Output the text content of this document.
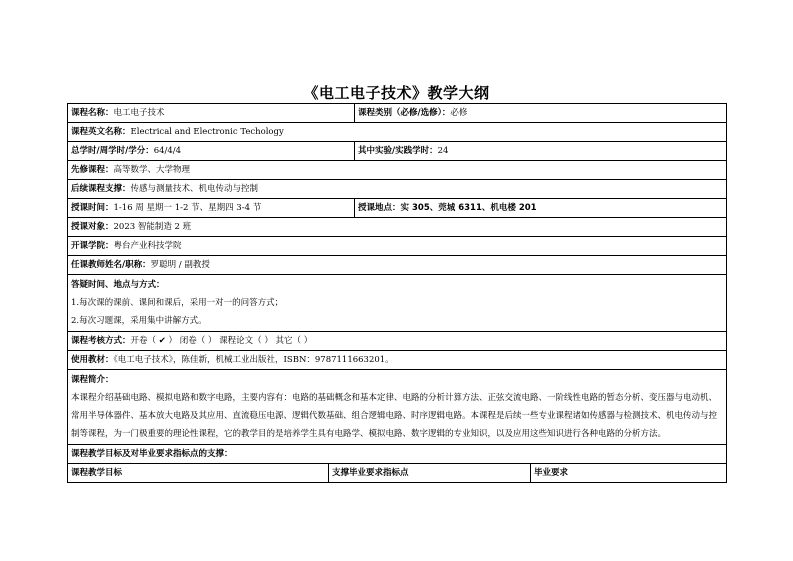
《电工电子技术》教学大纲
课程名称：电工电子技术		课程类别（必修/选修）：必修	
课程英文名称：Electrical and Electronic Techology			
总学时/周学时/学分：64/4/4		其中实验/实践学时：24	
先修课程：高等数学、大学物理			
后续课程支撑：传感与测量技术、机电传动与控制			
授课时间：1-16 周 星期一 1-2 节、星期四 3-4 节		授课地点：实 305、莞城 6311、机电楼 201	
授课对象：2023 智能制造 2 班			
开课学院：粤台产业科技学院			
任课教师姓名/职称：罗聪明 / 副教授			

答疑时间、地点与方式：
1.每次课的课前、课间和课后，采用一对一的问答方式；
2.每次习题课，采用集中讲解方式。			

课程考核方式：开卷（ ✔ ） 闭卷（ ） 课程论文（ ） 其它（ ）			
使用教材：《电工电子技术》，陈佳新，机械工业出版社，ISBN：9787111663201。			

课程简介：
本课程介绍基础电路、模拟电路和数字电路，主要内容有：电路的基础概念和基本定律、电路的分析计算方法、正弦交流电路、一阶线性电路的暂态分析、变压器与电动机、常用半导体器件、基本放大电路及其应用、直流稳压电源、逻辑代数基础、组合逻辑电路、时序逻辑电路。本课程是后续一些专业课程诸如传感器与检测技术、机电传动与控制等课程，为一门极重要的理论性课程，它的教学目的是培养学生具有电路学、模拟电路、数字逻辑的专业知识，以及应用这些知识进行各种电路的分析方法。			

课程教学目标及对毕业要求指标点的支撑：			
课程教学目标	支撑毕业要求指标点		毕业要求
